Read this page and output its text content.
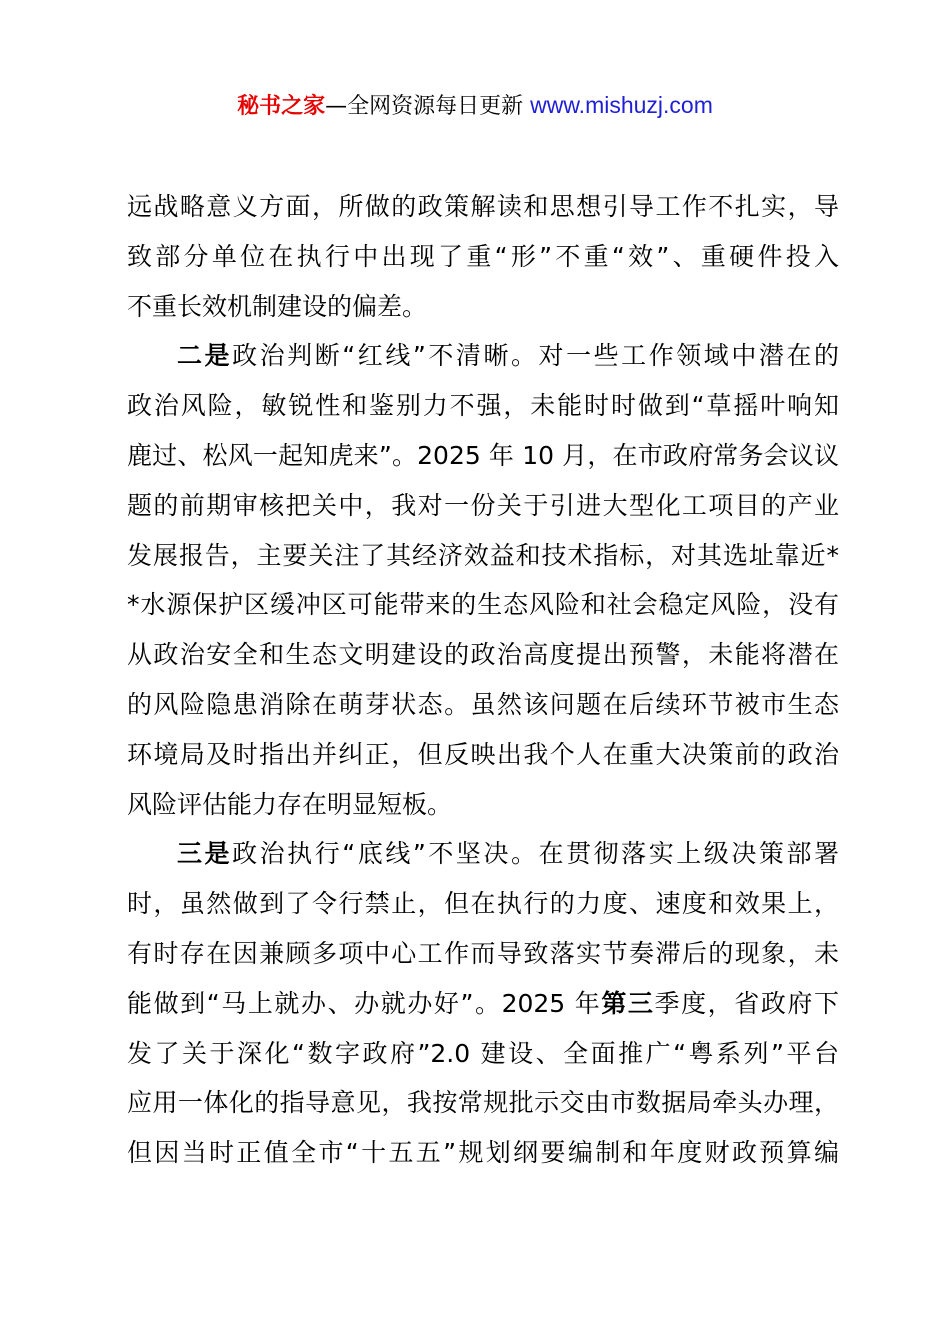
秘书之家—全网资源每日更新 www.mishuzj.com
远战略意义方面，所做的政策解读和思想引导工作不扎实，导
致部分单位在执行中出现了重“形”不重“效”、重硬件投入
不重长效机制建设的偏差。
二是政治判断“红线”不清晰。对一些工作领域中潜在的
政治风险，敏锐性和鉴别力不强，未能时时做到“草摇叶响知
鹿过、松风一起知虎来”。2025 年 10 月，在市政府常务会议议
题的前期审核把关中，我对一份关于引进大型化工项目的产业
发展报告，主要关注了其经济效益和技术指标，对其选址靠近*
*水源保护区缓冲区可能带来的生态风险和社会稳定风险，没有
从政治安全和生态文明建设的政治高度提出预警，未能将潜在
的风险隐患消除在萌芽状态。虽然该问题在后续环节被市生态
环境局及时指出并纠正，但反映出我个人在重大决策前的政治
风险评估能力存在明显短板。
三是政治执行“底线”不坚决。在贯彻落实上级决策部署
时，虽然做到了令行禁止，但在执行的力度、速度和效果上，
有时存在因兼顾多项中心工作而导致落实节奏滞后的现象，未
能做到“马上就办、办就办好”。2025 年第三季度，省政府下
发了关于深化“数字政府”2.0 建设、全面推广“粤系列”平台
应用一体化的指导意见，我按常规批示交由市数据局牵头办理，
但因当时正值全市“十五五”规划纲要编制和年度财政预算编
